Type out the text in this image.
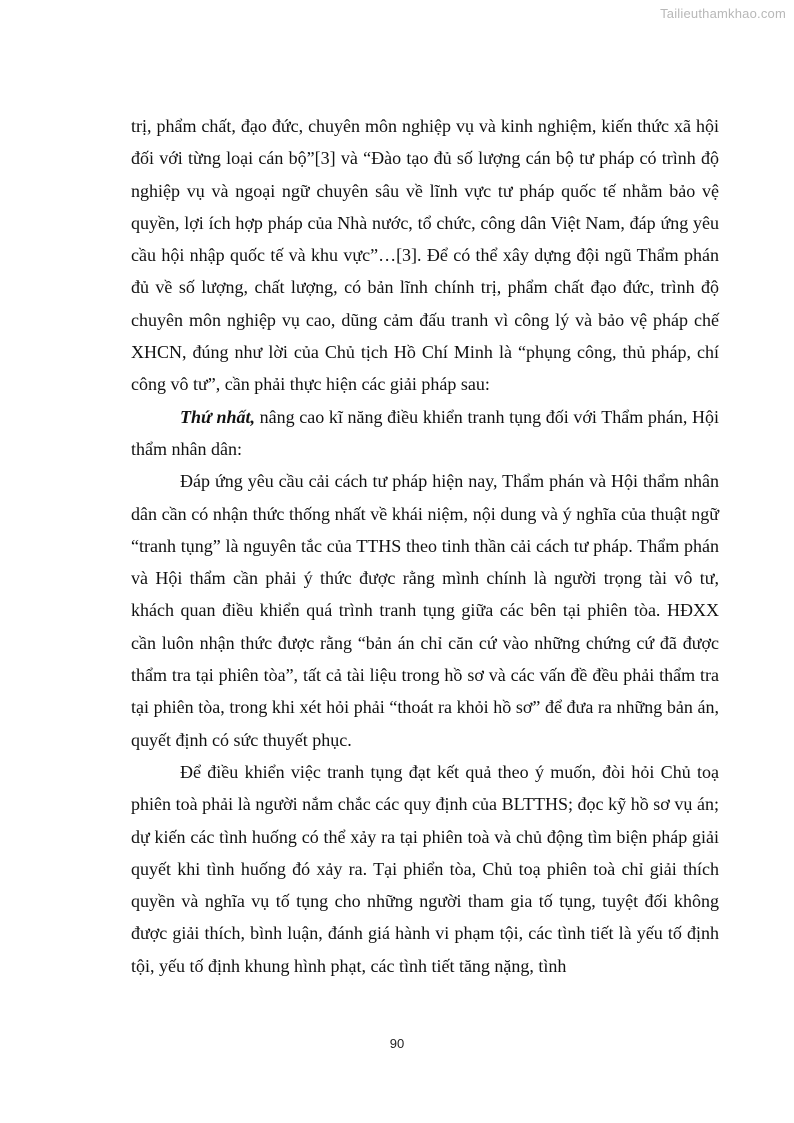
Tailieuthamkhao.com

trị, phẩm chất, đạo đức, chuyên môn nghiệp vụ và kinh nghiệm, kiến thức xã hội đối với từng loại cán bộ”[3] và “Đào tạo đủ số lượng cán bộ tư pháp có trình độ nghiệp vụ và ngoại ngữ chuyên sâu về lĩnh vực tư pháp quốc tế nhằm bảo vệ quyền, lợi ích hợp pháp của Nhà nước, tổ chức, công dân Việt Nam, đáp ứng yêu cầu hội nhập quốc tế và khu vực”…[3]. Để có thể xây dựng đội ngũ Thẩm phán đủ về số lượng, chất lượng, có bản lĩnh chính trị, phẩm chất đạo đức, trình độ chuyên môn nghiệp vụ cao, dũng cảm đấu tranh vì công lý và bảo vệ pháp chế XHCN, đúng như lời của Chủ tịch Hồ Chí Minh là “phụng công, thủ pháp, chí công vô tư”, cần phải thực hiện các giải pháp sau:

Thứ nhất, nâng cao kĩ năng điều khiển tranh tụng đối với Thẩm phán, Hội thẩm nhân dân:

Đáp ứng yêu cầu cải cách tư pháp hiện nay, Thẩm phán và Hội thẩm nhân dân cần có nhận thức thống nhất về khái niệm, nội dung và ý nghĩa của thuật ngữ “tranh tụng” là nguyên tắc của TTHS theo tinh thần cải cách tư pháp. Thẩm phán và Hội thẩm cần phải ý thức được rằng mình chính là người trọng tài vô tư, khách quan điều khiển quá trình tranh tụng giữa các bên tại phiên tòa. HĐXX cần luôn nhận thức được rằng “bản án chỉ căn cứ vào những chứng cứ đã được thẩm tra tại phiên tòa”, tất cả tài liệu trong hồ sơ và các vấn đề đều phải thẩm tra tại phiên tòa, trong khi xét hỏi phải “thoát ra khỏi hồ sơ” để đưa ra những bản án, quyết định có sức thuyết phục.

Để điều khiển việc tranh tụng đạt kết quả theo ý muốn, đòi hỏi Chủ toạ phiên toà phải là người nắm chắc các quy định của BLTTHS; đọc kỹ hồ sơ vụ án; dự kiến các tình huống có thể xảy ra tại phiên toà và chủ động tìm biện pháp giải quyết khi tình huống đó xảy ra. Tại phiển tòa, Chủ toạ phiên toà chỉ giải thích quyền và nghĩa vụ tố tụng cho những người tham gia tố tụng, tuyệt đối không được giải thích, bình luận, đánh giá hành vi phạm tội, các tình tiết là yếu tố định tội, yếu tố định khung hình phạt, các tình tiết tăng nặng, tình

90
